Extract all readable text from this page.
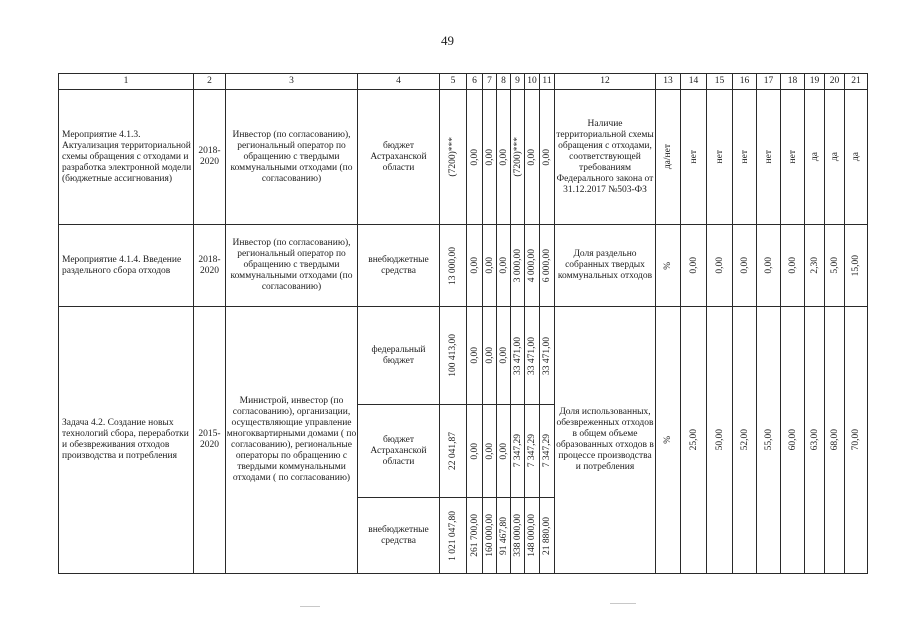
49
1	2	3	4	5	6	7	8	9	10	11	12	13	14	15	16	17	18	19	20	21
Мероприятие 4.1.3. Актуализация территориальной схемы обращения с отходами и разработка электронной модели (бюджетные ассигнования)	2018-2020	Инвестор (по согласованию), региональный оператор по обращению с твердыми коммунальными отходами (по согласованию)	бюджет Астраханской области	(7200)***	0,00	0,00	0,00	(7200)***	0,00	0,00	Наличие территориальной схемы обращения с отходами, соответствующей требованиям Федерального закона от 31.12.2017 №503-ФЗ	да/нет	нет	нет	нет	нет	нет	да	да	да

Мероприятие 4.1.4. Введение раздельного сбора отходов	2018-2020	Инвестор (по согласованию), региональный оператор по обращению с твердыми коммунальными отходами (по согласованию)	внебюджетные средства	13 000,00	0,00	0,00	0,00	3 000,00	4 000,00	6 000,00	Доля раздельно собранных твердых коммунальных отходов	%	0,00	0,00	0,00	0,00	0,00	2,30	5,00	15,00

Задача 4.2. Создание новых технологий сбора, переработки и обезвреживания отходов производства и потребления	2015-2020	Министрой, инвестор (по согласованию), организации, осуществляющие управление многоквартирными домами ( по согласованию), региональные операторы по обращению с твердыми коммунальными отходами ( по согласованию)	федеральный бюджет	100 413,00	0,00	0,00	0,00	33 471,00	33 471,00	33 471,00	Доля использованных, обезвреженных отходов в общем объеме образованных отходов в процессе производства и потребления	%	25,00	50,00	52,00	55,00	60,00	63,00	68,00	70,00

			бюджет Астраханской области	22 041,87	0,00	0,00	0,00	7 347,29	7 347,29	7 347,29										

			внебюджетные средства	1 021 047,80	261 700,00	160 000,00	91 467,80	338 000,00	148 000,00	21 880,00										
